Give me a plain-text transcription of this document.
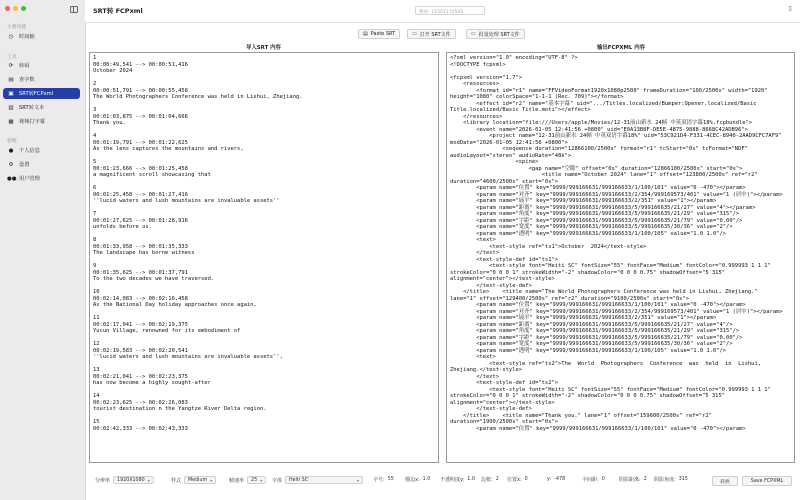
主要功能
◷	时间轴
工具
⟳	转码
▤ 查字数
▣ SRT转FCPxml
▥ SRT转文本
▦ 视频打字幕
管理
●	个人信息
⚙ 设置
●● 用户管理
SRT转 FCPxml	搜索: 15301170569	▯
▤ Paste SRT	▭ 打开 SRT文件	▭ 批量处理 SRT文件
导入SRT 内容	输出FCPXML 内容
1
00:00:49,541 --> 00:00:51,416
October 2024

2
00:00:51,791 --> 00:00:55,458
The World Photographers Conference was held in Lishui, Zhejiang.

3
00:01:03,875 --> 00:01:04,666
Thank you.

4
00:01:19,791 --> 00:01:22,625
As the lens captures the mountains and rivers,

5
00:01:23,666 --> 00:01:25,458
a magnificent scroll showcasing that

6
00:01:25,458 --> 00:01:27,416
''lucid waters and lush mountains are invaluable assets''

7
00:01:27,625 --> 00:01:28,916
unfolds before us.

8
00:01:33,958 --> 00:01:35,333
The landscape has borne witness

9
00:01:35,625 --> 00:01:37,791
To the two decades we have traversed.

10
00:02:14,083 --> 00:02:16,458
As the National Day holiday approaches once again,

11
00:02:17,041 --> 00:02:19,375
Yucun Village, renowned for its embodiment of

12
00:02:19,583 --> 00:02:20,541
''lucid waters and lush mountains are invaluable assets'',

13
00:02:21,041 --> 00:02:23,375
has now become a highly sought-after

14
00:02:23,625 --> 00:02:26,083
tourist destination n the Yangtze River Delta region.

15
00:02:42,333 --> 00:02:43,333
<?xml version="1.0" encoding="UTF-8" ?>
<!DOCTYPE fcpxml>

<fcpxml version="1.7">
<resources>
<format id="r1" name="FFVideoFormat1920x1080p2500" frameDuration="100/2500s" width="1920"
height="1080" colorSpace="1-1-1 (Rec. 709)"></format>
<effect id="r2" name="基本字幕" uid=".../Titles.localized/Bumper:Opener.localized/Basic
Title.localized/Basic Title.moti"></effect>
</resources>
<library location="file:///Users/apple/Movies/12-31前山新水 24帧 中英双语字幕18%.fcpbundle">
<event name="2026-01-05 12:41:56 +0800" uid="E0A13B8F-DE5E-4B75-9888-8668C42ADB96">
<project name="12-31前山新水 24帧 中英双语字幕18%" uid="53C921D4-F331-4CEC-8940-2AAD9CFC7AF9"
modDate="2026-01-05 12:41:56 +0800">
<sequence duration="12866100/2500s" format="r1" tcStart="0s" tcFormat="NDF"
audioLayout="stereo" audioRate="48k">
<spine>
<gap name="空隙" offset="0s" duration="12866100/2500s" start="0s">
<title name="October 2024" lane="1" offset="123800/2500s" ref="r2"
duration="4600/2500s" start="0s">
<param name="位置" key="9999/999166631/999166633/1/100/101" value="0 -470"></param>
<param name="对齐" key="9999/999166631/999166633/2/354/999169573/401" value="1 (居中)"></param>
<param name="展平" key="9999/999166631/999166633/2/351" value="1"></param>
<param name="距离" key="9999/999166631/999166633/5/999166635/21/27" value="4"></param>
<param name="角度" key="9999/999166631/999166633/5/999166635/21/29" value="315"/>
<param name="字距" key="9999/999166631/999166633/5/999166635/21/79" value="0.00"/>
<param name="宽度" key="9999/999166631/999166633/5/999166635/30/36" value="2"/>
<param name="透明" key="9999/999166631/999166633/1/100/105" value="1.0 1.0"/>
<text>
<text-style ref="ts1">October  2024</text-style>
</text>
<text-style-def id="ts1">
<text-style font="Heiti SC" fontSize="55" fontFace="Medium" fontColor="0.999993 1 1 1"
strokeColor="0 0 0 1" strokeWidth="-2" shadowColor="0 0 0 0.75" shadowOffset="5 315"
alignment="center"></text-style>
</text-style-def>
</title>    <title name="The World Photographers Conference was held in Lishui, Zhejiang."
lane="1" offset="129400/2500s" ref="r2" duration="9100/2500s" start="0s">
<param name="位置" key="9999/999166631/999166633/1/100/101" value="0 -470"></param>
<param name="对齐" key="9999/999166631/999166633/2/354/999169573/401" value="1 (居中)"></param>
<param name="展平" key="9999/999166631/999166633/2/351" value="1"></param>
<param name="距离" key="9999/999166631/999166633/5/999166635/21/27" value="4"/>
<param name="角度" key="9999/999166631/999166633/5/999166635/21/29" value="315"/>
<param name="字距" key="9999/999166631/999166633/5/999166635/21/79" value="0.00"/>
<param name="宽度" key="9999/999166631/999166633/5/999166635/30/36" value="2"/>
<param name="透明" key="9999/999166631/999166633/1/100/105" value="1.0 1.0"/>
<text>
<text-style ref="ts2">The  World  Photographers  Conference  was  held  in  Lishui,
Zhejiang.</text-style>
</text>
<text-style-def id="ts2">
<text-style font="Heiti SC" fontSize="55" fontFace="Medium" fontColor="0.999993 1 1 1"
strokeColor="0 0 0 1" strokeWidth="-2" shadowColor="0 0 0 0.75" shadowOffset="5 315"
alignment="center"></text-style>
</text-style-def>
</title>    <title name="Thank you." lane="1" offset="159600/2500s" ref="r2"
duration="1900/2500s" start="0s">
<param name="位置" key="9999/999166631/999166633/1/100/101" value="0 -470"></param>
分辨率 1920X1080 ▾	样式 Medium ▾	帧速率 25 ▾ 字体 Heiti SC	▾	字号: 55 描边x: 1.0 不透明度y: 1.0 边框: 2 位置x: 0	y: -478	字间距: 0	阴影距离: 2 阴影角度: 315	转换	Save FCPXML
